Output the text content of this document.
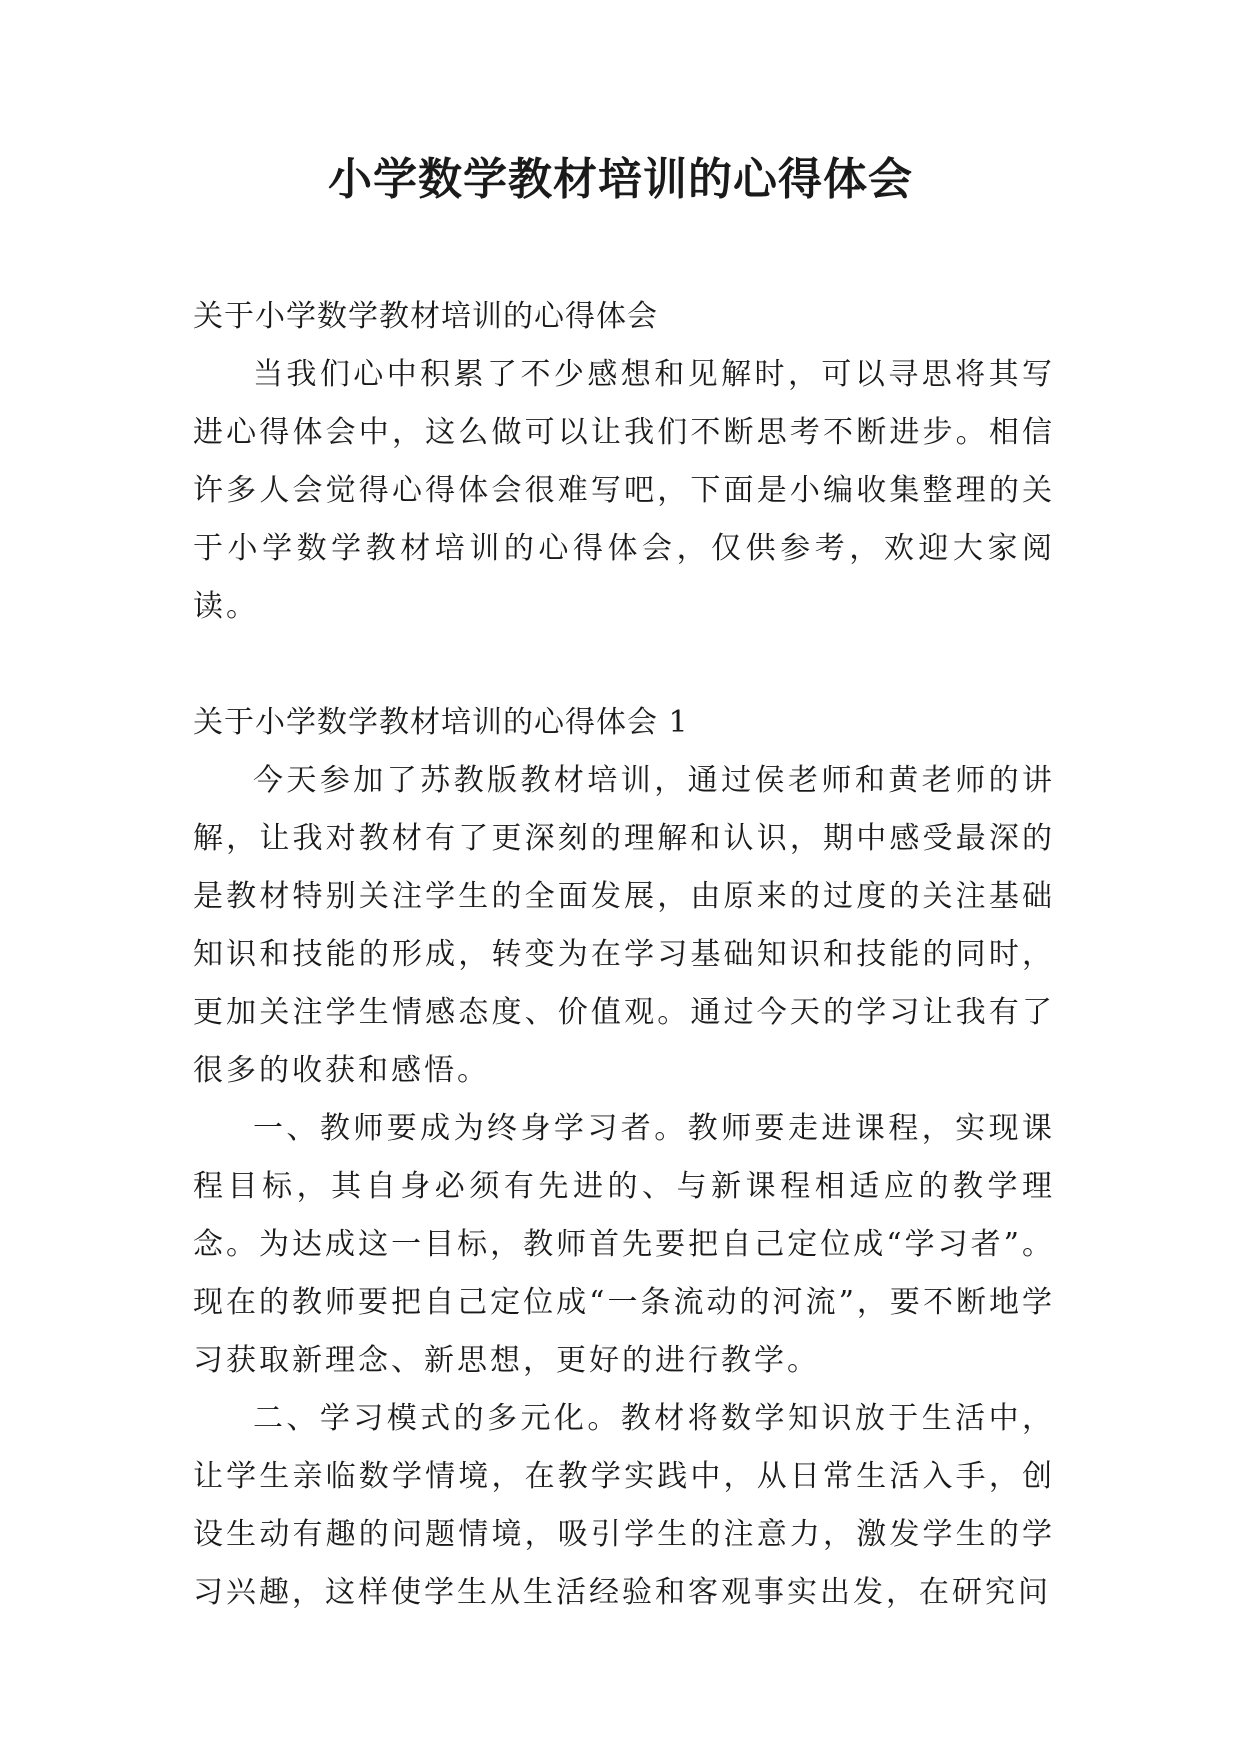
小学数学教材培训的心得体会

关于小学数学教材培训的心得体会

当我们心中积累了不少感想和见解时，可以寻思将其写进心得体会中，这么做可以让我们不断思考不断进步。相信许多人会觉得心得体会很难写吧，下面是小编收集整理的关于小学数学教材培训的心得体会，仅供参考，欢迎大家阅读。

关于小学数学教材培训的心得体会 1

今天参加了苏教版教材培训，通过侯老师和黄老师的讲解，让我对教材有了更深刻的理解和认识，期中感受最深的是教材特别关注学生的全面发展，由原来的过度的关注基础知识和技能的形成，转变为在学习基础知识和技能的同时，更加关注学生情感态度、价值观。通过今天的学习让我有了很多的收获和感悟。

一、教师要成为终身学习者。教师要走进课程，实现课程目标，其自身必须有先进的、与新课程相适应的教学理念。为达成这一目标，教师首先要把自己定位成“学习者”。现在的教师要把自己定位成“一条流动的河流”，要不断地学习获取新理念、新思想，更好的进行教学。

二、学习模式的多元化。教材将数学知识放于生活中，让学生亲临数学情境，在教学实践中，从日常生活入手，创设生动有趣的问题情境，吸引学生的注意力，激发学生的学习兴趣，这样使学生从生活经验和客观事实出发，在研究问
